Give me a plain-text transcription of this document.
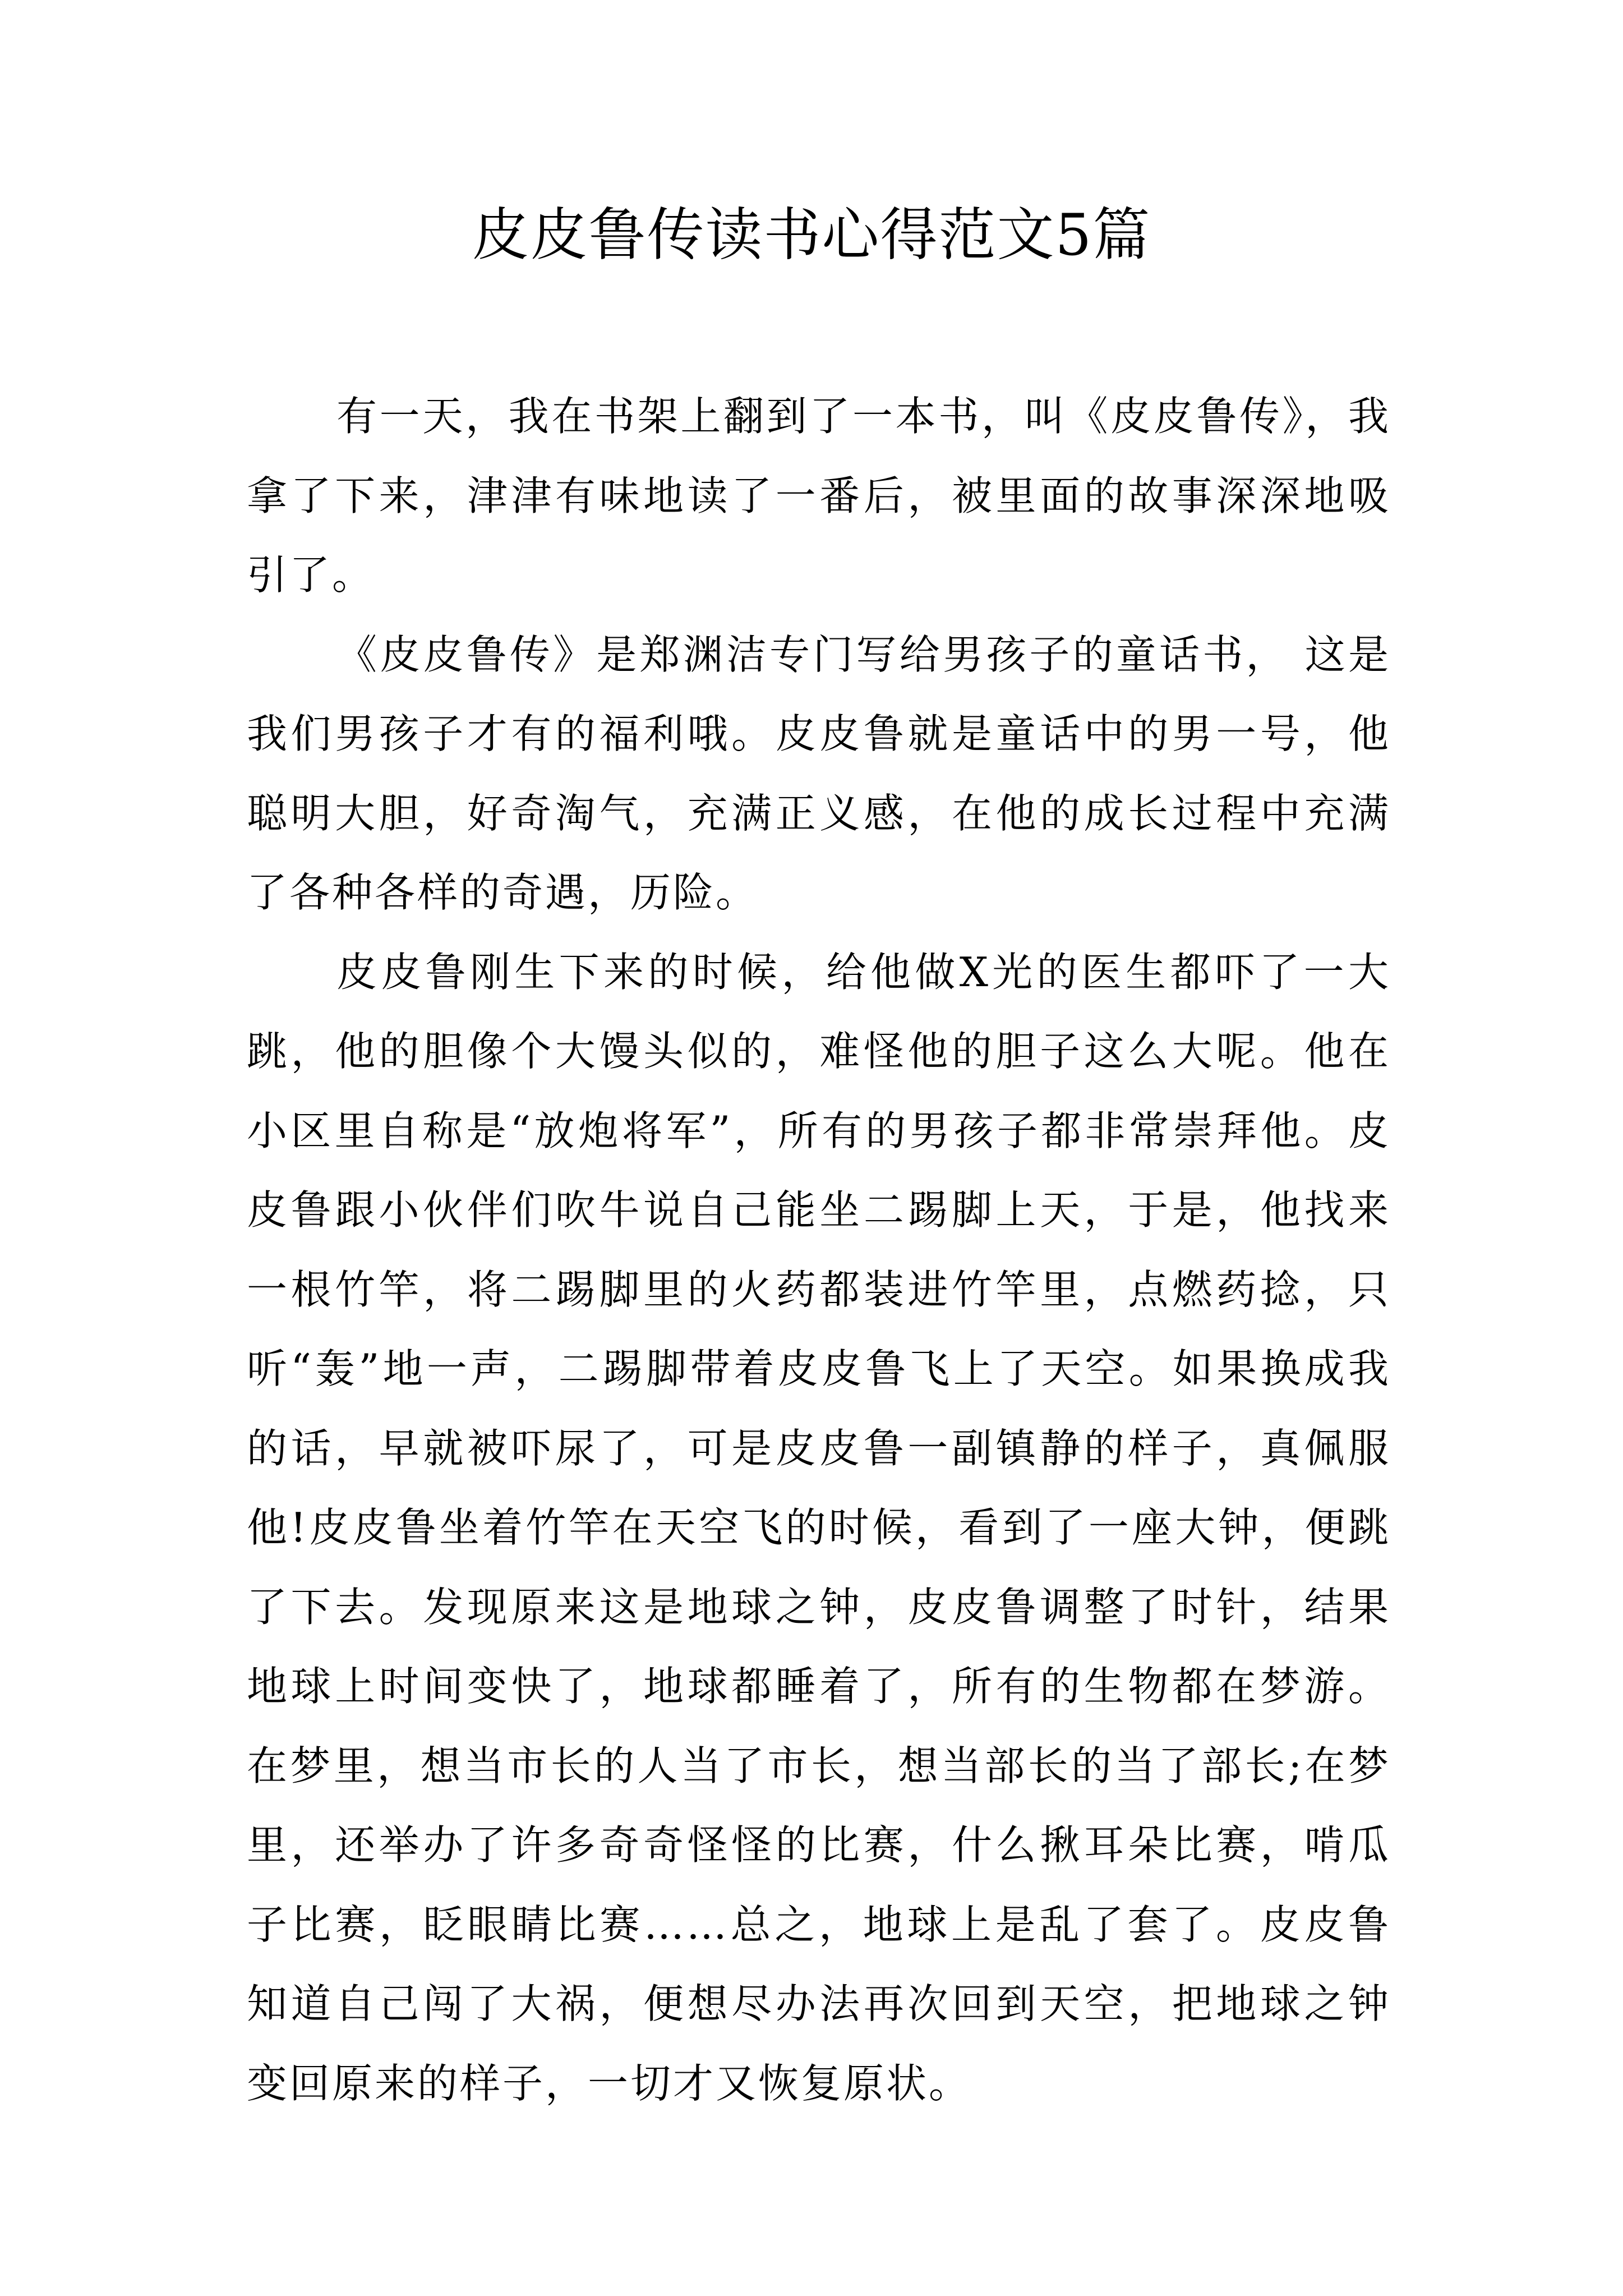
皮皮鲁传读书心得范文5篇

有一天，我在书架上翻到了一本书，叫《皮皮鲁传》，我拿了下来，津津有味地读了一番后，被里面的故事深深地吸引了。

《皮皮鲁传》是郑渊洁专门写给男孩子的童话书， 这是我们男孩子才有的福利哦。皮皮鲁就是童话中的男一号，他聪明大胆，好奇淘气，充满正义感，在他的成长过程中充满了各种各样的奇遇，历险。

皮皮鲁刚生下来的时候，给他做X光的医生都吓了一大跳，他的胆像个大馒头似的，难怪他的胆子这么大呢。他在小区里自称是“放炮将军”，所有的男孩子都非常崇拜他。皮皮鲁跟小伙伴们吹牛说自己能坐二踢脚上天，于是，他找来一根竹竿，将二踢脚里的火药都装进竹竿里，点燃药捻，只听“轰”地一声，二踢脚带着皮皮鲁飞上了天空。如果换成我的话，早就被吓尿了，可是皮皮鲁一副镇静的样子，真佩服他!皮皮鲁坐着竹竿在天空飞的时候，看到了一座大钟，便跳了下去。发现原来这是地球之钟，皮皮鲁调整了时针，结果地球上时间变快了，地球都睡着了，所有的生物都在梦游。在梦里，想当市长的人当了市长，想当部长的当了部长;在梦里，还举办了许多奇奇怪怪的比赛，什么揪耳朵比赛，啃瓜子比赛，眨眼睛比赛……总之，地球上是乱了套了。皮皮鲁知道自己闯了大祸，便想尽办法再次回到天空，把地球之钟变回原来的样子，一切才又恢复原状。
